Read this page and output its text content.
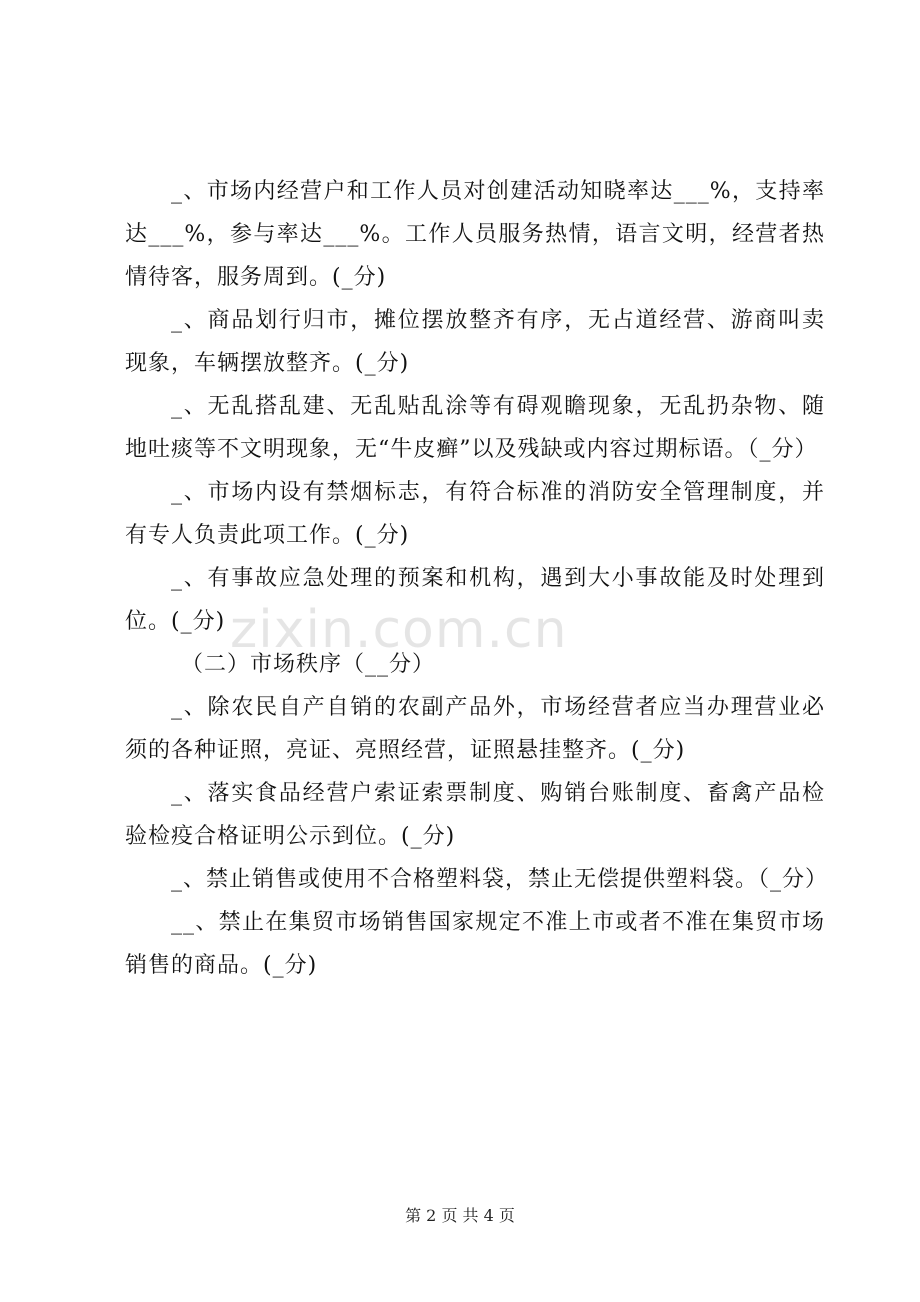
_、市场内经营户和工作人员对创建活动知晓率达___%，支持率达___%，参与率达___%。工作人员服务热情，语言文明，经营者热情待客，服务周到。(_分)

_、商品划行归市，摊位摆放整齐有序，无占道经营、游商叫卖现象，车辆摆放整齐。(_分)

_、无乱搭乱建、无乱贴乱涂等有碍观瞻现象，无乱扔杂物、随地吐痰等不文明现象，无“牛皮癣”以及残缺或内容过期标语。（_分）

_、市场内设有禁烟标志，有符合标准的消防安全管理制度，并有专人负责此项工作。(_分)

_、有事故应急处理的预案和机构，遇到大小事故能及时处理到位。(_分)

（二）市场秩序（__分）

_、除农民自产自销的农副产品外，市场经营者应当办理营业必须的各种证照，亮证、亮照经营，证照悬挂整齐。(_分)

_、落实食品经营户索证索票制度、购销台账制度、畜禽产品检验检疫合格证明公示到位。(_分)

_、禁止销售或使用不合格塑料袋，禁止无偿提供塑料袋。（_分）

__、禁止在集贸市场销售国家规定不准上市或者不准在集贸市场销售的商品。(_分)

zixin.com.cn
第 2 页 共 4 页
